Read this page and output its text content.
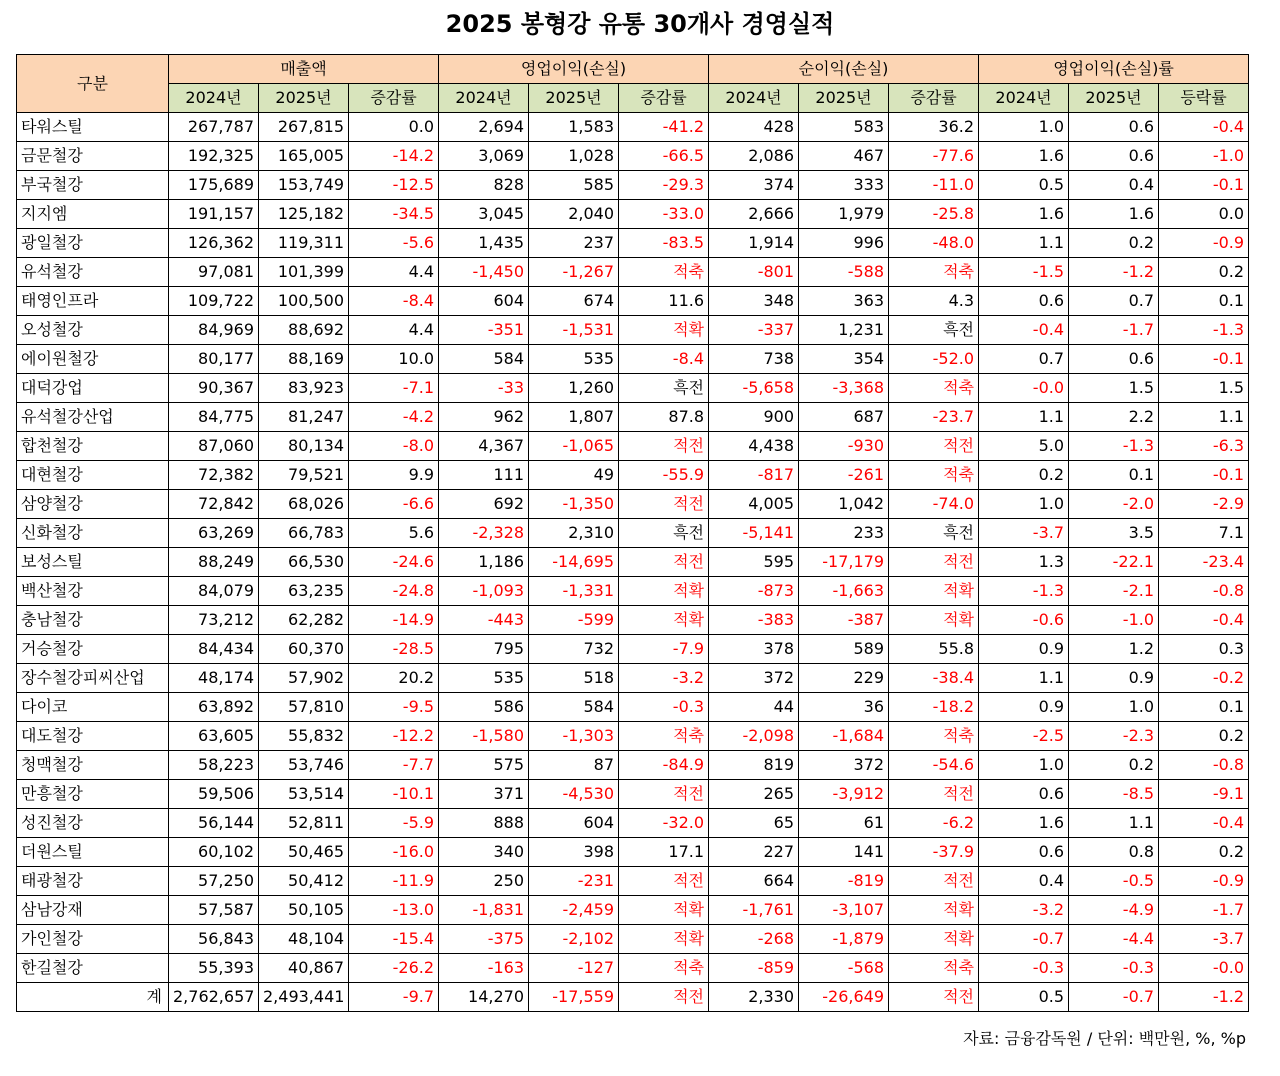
2025 봉형강 유통 30개사 경영실적
구분	매출액			영업이익(손실)			순이익(손실)			영업이익(손실)률		
	2024년	2025년	증감률	2024년	2025년	증감률	2024년	2025년	증감률	2024년	2025년	등락률
타워스틸	267,787	267,815	0.0	2,694	1,583	-41.2	428	583	36.2	1.0	0.6	-0.4
금문철강	192,325	165,005	-14.2	3,069	1,028	-66.5	2,086	467	-77.6	1.6	0.6	-1.0
부국철강	175,689	153,749	-12.5	828	585	-29.3	374	333	-11.0	0.5	0.4	-0.1
지지엠	191,157	125,182	-34.5	3,045	2,040	-33.0	2,666	1,979	-25.8	1.6	1.6	0.0
광일철강	126,362	119,311	-5.6	1,435	237	-83.5	1,914	996	-48.0	1.1	0.2	-0.9
유석철강	97,081	101,399	4.4	-1,450	-1,267	적축	-801	-588	적축	-1.5	-1.2	0.2
태영인프라	109,722	100,500	-8.4	604	674	11.6	348	363	4.3	0.6	0.7	0.1
오성철강	84,969	88,692	4.4	-351	-1,531	적확	-337	1,231	흑전	-0.4	-1.7	-1.3
에이원철강	80,177	88,169	10.0	584	535	-8.4	738	354	-52.0	0.7	0.6	-0.1
대덕강업	90,367	83,923	-7.1	-33	1,260	흑전	-5,658	-3,368	적축	-0.0	1.5	1.5
유석철강산업	84,775	81,247	-4.2	962	1,807	87.8	900	687	-23.7	1.1	2.2	1.1
합천철강	87,060	80,134	-8.0	4,367	-1,065	적전	4,438	-930	적전	5.0	-1.3	-6.3
대현철강	72,382	79,521	9.9	111	49	-55.9	-817	-261	적축	0.2	0.1	-0.1
삼양철강	72,842	68,026	-6.6	692	-1,350	적전	4,005	1,042	-74.0	1.0	-2.0	-2.9
신화철강	63,269	66,783	5.6	-2,328	2,310	흑전	-5,141	233	흑전	-3.7	3.5	7.1
보성스틸	88,249	66,530	-24.6	1,186	-14,695	적전	595	-17,179	적전	1.3	-22.1	-23.4
백산철강	84,079	63,235	-24.8	-1,093	-1,331	적확	-873	-1,663	적확	-1.3	-2.1	-0.8
충남철강	73,212	62,282	-14.9	-443	-599	적확	-383	-387	적확	-0.6	-1.0	-0.4
거승철강	84,434	60,370	-28.5	795	732	-7.9	378	589	55.8	0.9	1.2	0.3
장수철강피씨산업	48,174	57,902	20.2	535	518	-3.2	372	229	-38.4	1.1	0.9	-0.2
다이코	63,892	57,810	-9.5	586	584	-0.3	44	36	-18.2	0.9	1.0	0.1
대도철강	63,605	55,832	-12.2	-1,580	-1,303	적축	-2,098	-1,684	적축	-2.5	-2.3	0.2
청맥철강	58,223	53,746	-7.7	575	87	-84.9	819	372	-54.6	1.0	0.2	-0.8
만흥철강	59,506	53,514	-10.1	371	-4,530	적전	265	-3,912	적전	0.6	-8.5	-9.1
성진철강	56,144	52,811	-5.9	888	604	-32.0	65	61	-6.2	1.6	1.1	-0.4
더원스틸	60,102	50,465	-16.0	340	398	17.1	227	141	-37.9	0.6	0.8	0.2
태광철강	57,250	50,412	-11.9	250	-231	적전	664	-819	적전	0.4	-0.5	-0.9
삼남강재	57,587	50,105	-13.0	-1,831	-2,459	적확	-1,761	-3,107	적확	-3.2	-4.9	-1.7
가인철강	56,843	48,104	-15.4	-375	-2,102	적확	-268	-1,879	적확	-0.7	-4.4	-3.7
한길철강	55,393	40,867	-26.2	-163	-127	적축	-859	-568	적축	-0.3	-0.3	-0.0
계	2,762,657	2,493,441	-9.7	14,270	-17,559	적전	2,330	-26,649	적전	0.5	-0.7	-1.2
자료: 금융감독원 / 단위: 백만원, %, %p
